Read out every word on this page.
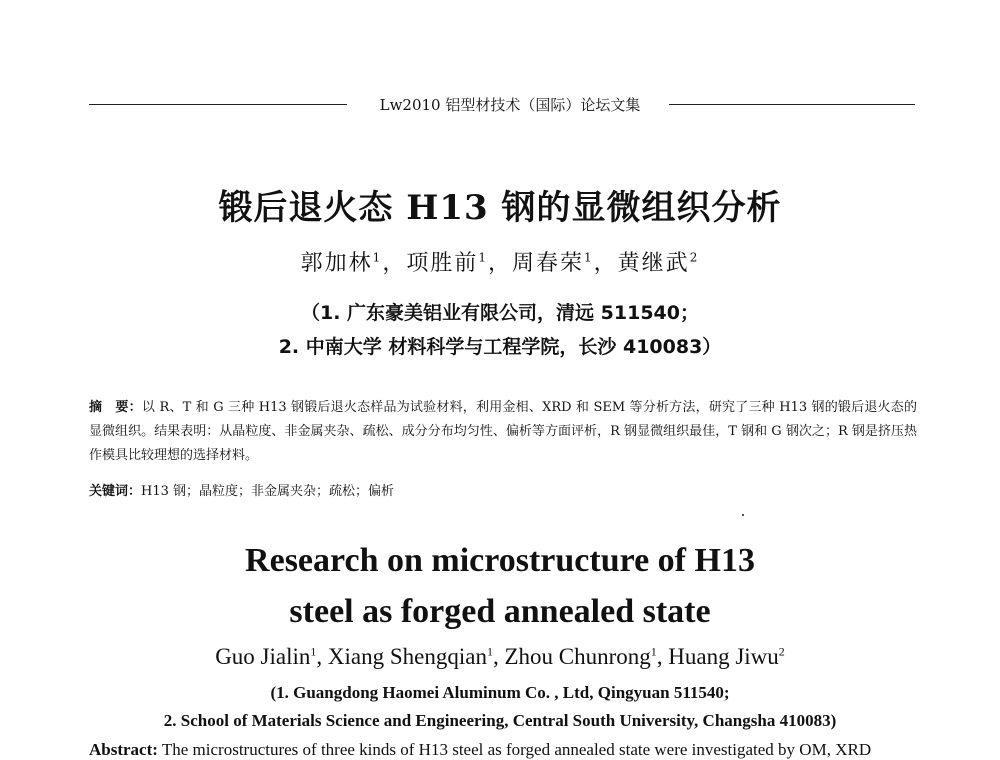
Lw2010 铝型材技术（国际）论坛文集
锻后退火态 H13 钢的显微组织分析
郭加林$^1$，项胜前$^1$，周春荣$^1$，黄继武$^2$
（1. 广东豪美铝业有限公司，清远 511540；
2. 中南大学 材料科学与工程学院，长沙 410083）
摘　要：以 R、T 和 G 三种 H13 钢锻后退火态样品为试验材料，利用金相、XRD 和 SEM 等分析方法，研究了三种 H13 钢的锻后退火态的显微组织。结果表明：从晶粒度、非金属夹杂、疏松、成分分布均匀性、偏析等方面评析，R 钢显微组织最佳，T 钢和 G 钢次之；R 钢是挤压热作模具比较理想的选择材料。
关键词：H13 钢；晶粒度；非金属夹杂；疏松；偏析
Research on microstructure of H13
steel as forged annealed state
Guo Jialin$^1$, Xiang Shengqian$^1$, Zhou Chunrong$^1$, Huang Jiwu$^2$
(1. Guangdong Haomei Aluminum Co. , Ltd, Qingyuan 511540;
2. School of Materials Science and Engineering, Central South University, Changsha 410083)
Abstract: The microstructures of three kinds of H13 steel as forged annealed state were investigated by OM, XRD
